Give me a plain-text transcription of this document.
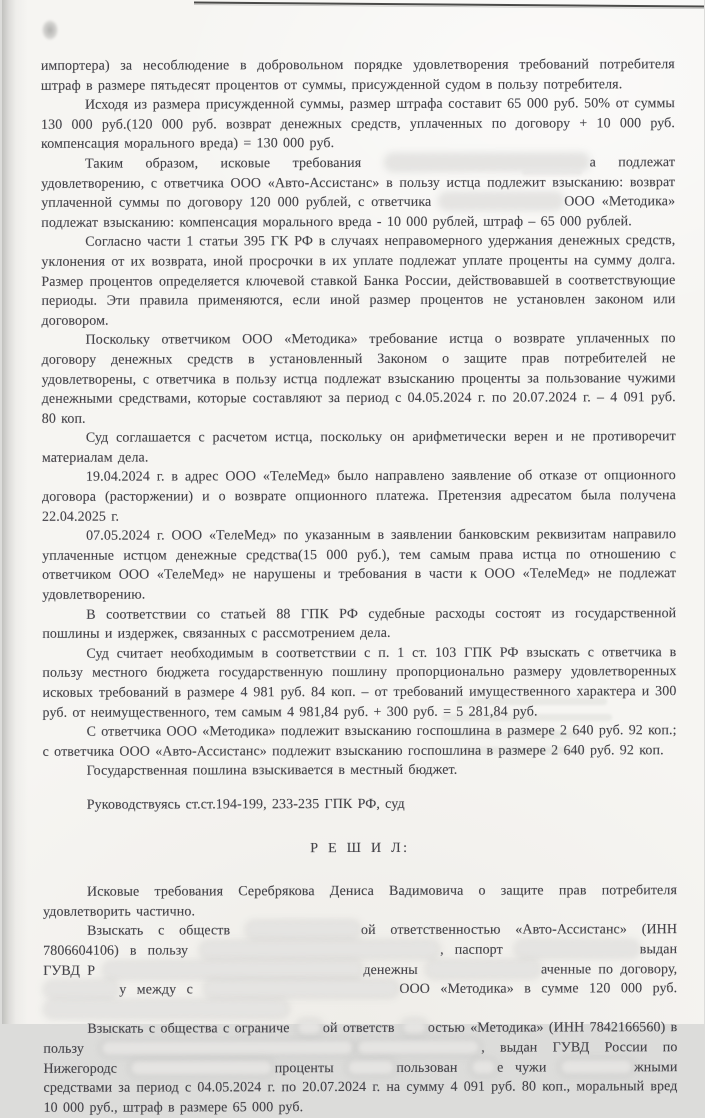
импортера) за несоблюдение в добровольном порядке удовлетворения требований потребителя штраф в размере пятьдесят процентов от суммы, присужденной судом в пользу потребителя.

Исходя из размера присужденной суммы, размер штрафа составит 65 000 руб. 50% от суммы 130 000 руб.(120 000 руб. возврат денежных средств, уплаченных по договору + 10 000 руб. компенсация морального вреда) = 130 000 руб.

Таким образом, исковые требования	а подлежат удовлетворению, с ответчика ООО «Авто-Ассистанс» в пользу истца подлежит взысканию: возврат уплаченной суммы по договору 120 000 рублей, с ответчика	ООО «Методика» подлежат взысканию: компенсация морального вреда - 10 000 рублей, штраф – 65 000 рублей.

Согласно части 1 статьи 395 ГК РФ в случаях неправомерного удержания денежных средств, уклонения от их возврата, иной просрочки в их уплате подлежат уплате проценты на сумму долга. Размер процентов определяется ключевой ставкой Банка России, действовавшей в соответствующие периоды. Эти правила применяются, если иной размер процентов не установлен законом или договором.

Поскольку ответчиком ООО «Методика» требование истца о возврате уплаченных по договору денежных средств в установленный Законом о защите прав потребителей не удовлетворены, с ответчика в пользу истца подлежат взысканию проценты за пользование чужими денежными средствами, которые составляют за период с 04.05.2024 г. по 20.07.2024 г. – 4 091 руб. 80 коп.

Суд соглашается с расчетом истца, поскольку он арифметически верен и не противоречит материалам дела.

19.04.2024 г. в адрес ООО «ТелеМед» было направлено заявление об отказе от опционного договора (расторжении) и о возврате опционного платежа. Претензия адресатом была получена 22.04.2025 г.

07.05.2024 г. ООО «ТелеМед» по указанным в заявлении банковским реквизитам направило уплаченные истцом денежные средства(15 000 руб.), тем самым права истца по отношению с ответчиком ООО «ТелеМед» не нарушены и требования в части к ООО «ТелеМед» не подлежат удовлетворению.

В соответствии со статьей 88 ГПК РФ судебные расходы состоят из государственной пошлины и издержек, связанных с рассмотрением дела.

Суд считает необходимым в соответствии с п. 1 ст. 103 ГПК РФ взыскать с ответчика в пользу местного бюджета государственную пошлину пропорционально размеру удовлетворенных исковых требований в размере 4 981 руб. 84 коп. – от требований имущественного характера и 300 руб. от неимущественного, тем самым 4 981,84 руб. + 300 руб. = 5 281,84 руб.

С ответчика ООО «Методика» подлежит взысканию госпошлина в размере 2 640 руб. 92 коп.; с ответчика ООО «Авто-Ассистанс» подлежит взысканию госпошлина в размере 2 640 руб. 92 коп.

Государственная пошлина взыскивается в местный бюджет.

Руководствуясь ст.ст.194-199, 233-235 ГПК РФ, суд

Р Е Ш И Л:

Исковые требования Серебрякова Дениса Вадимовича о защите прав потребителя удовлетворить частично.

Взыскать с обществ	ой ответственностью «Авто-Ассистанс» (ИНН 7806604106) в пользу	, паспорт	выдан ГУВД Р	денежны	аченные по договору, у между с	ООО «Методика» в сумме 120 000 руб.

Взыскать с общества с ограниче ой ответств остью «Методика» (ИНН 7842166560) в пользу	, выдан ГУВД России по Нижегородс	проценты	пользован е чужи	жными средствами за период с 04.05.2024 г. по 20.07.2024 г. на сумму 4 091 руб. 80 коп., моральный вред 10 000 руб., штраф в размере 65 000 руб.
